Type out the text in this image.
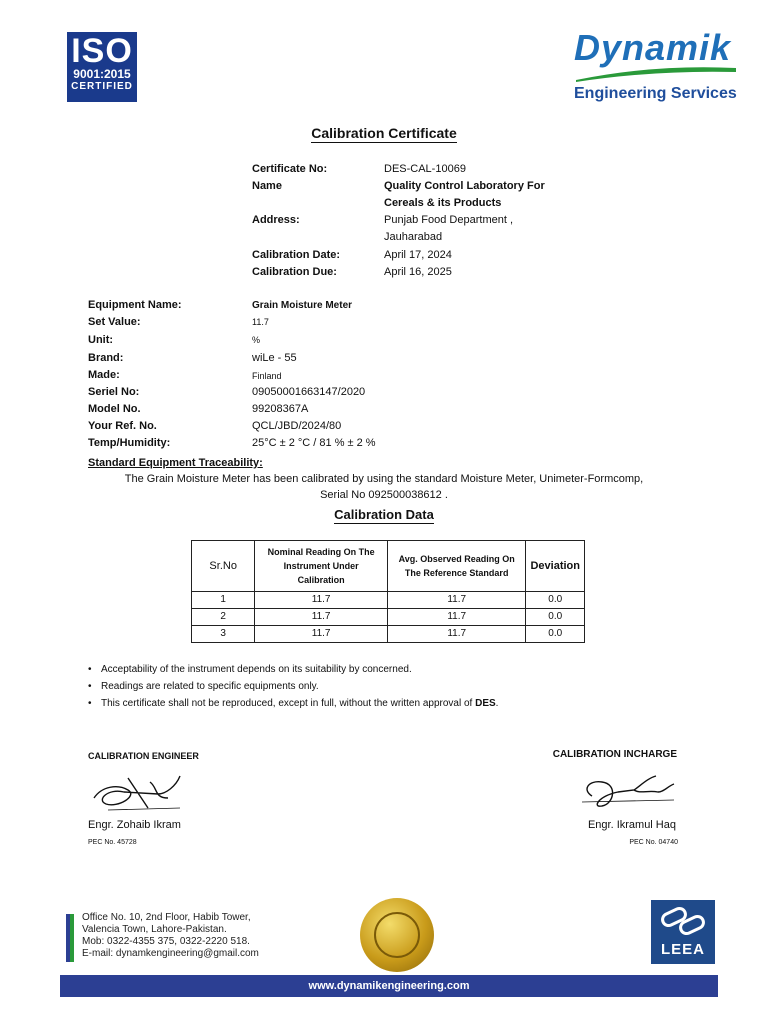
ISO
9001:2015
CERTIFIED
Dynamik
Engineering Services
Calibration Certificate
Certificate No:	DES-CAL-10069
Name	Quality Control Laboratory For
Cereals & its Products
Address:	Punjab Food Department ,
Jauharabad
Calibration Date:	April 17, 2024
Calibration Due:	April 16, 2025
Equipment Name:	Grain Moisture Meter
Set Value:	11.7
Unit:	%
Brand:	wiLe - 55
Made:	Finland
Seriel No:	09050001663147/2020
Model No.	99208367A
Your Ref. No.	QCL/JBD/2024/80
Temp/Humidity:	25°C ± 2 °C / 81 % ± 2 %
Standard Equipment Traceability:
The Grain Moisture Meter has been calibrated by using the standard Moisture Meter, Unimeter-Formcomp,
Serial No 092500038612 .
Calibration Data
Sr.No	Nominal Reading On The Instrument Under Calibration	Avg. Observed Reading On The Reference Standard	Deviation
1	11.7	11.7	0.0
2	11.7	11.7	0.0
3	11.7	11.7	0.0
• Acceptability of the instrument depends on its suitability by concerned.
• Readings are related to specific equipments only.
• This certificate shall not be reproduced, except in full, without the written approval of DES.
CALIBRATION ENGINEER
Engr. Zohaib Ikram
PEC No. 45728
CALIBRATION INCHARGE
Engr. Ikramul Haq
PEC No. 04740
Office No. 10, 2nd Floor, Habib Tower,
Valencia Town, Lahore-Pakistan.
Mob: 0322-4355 375, 0322-2220 518.
E-mail: dynamkengineering@gmail.com	LEEA
www.dynamikengineering.com
